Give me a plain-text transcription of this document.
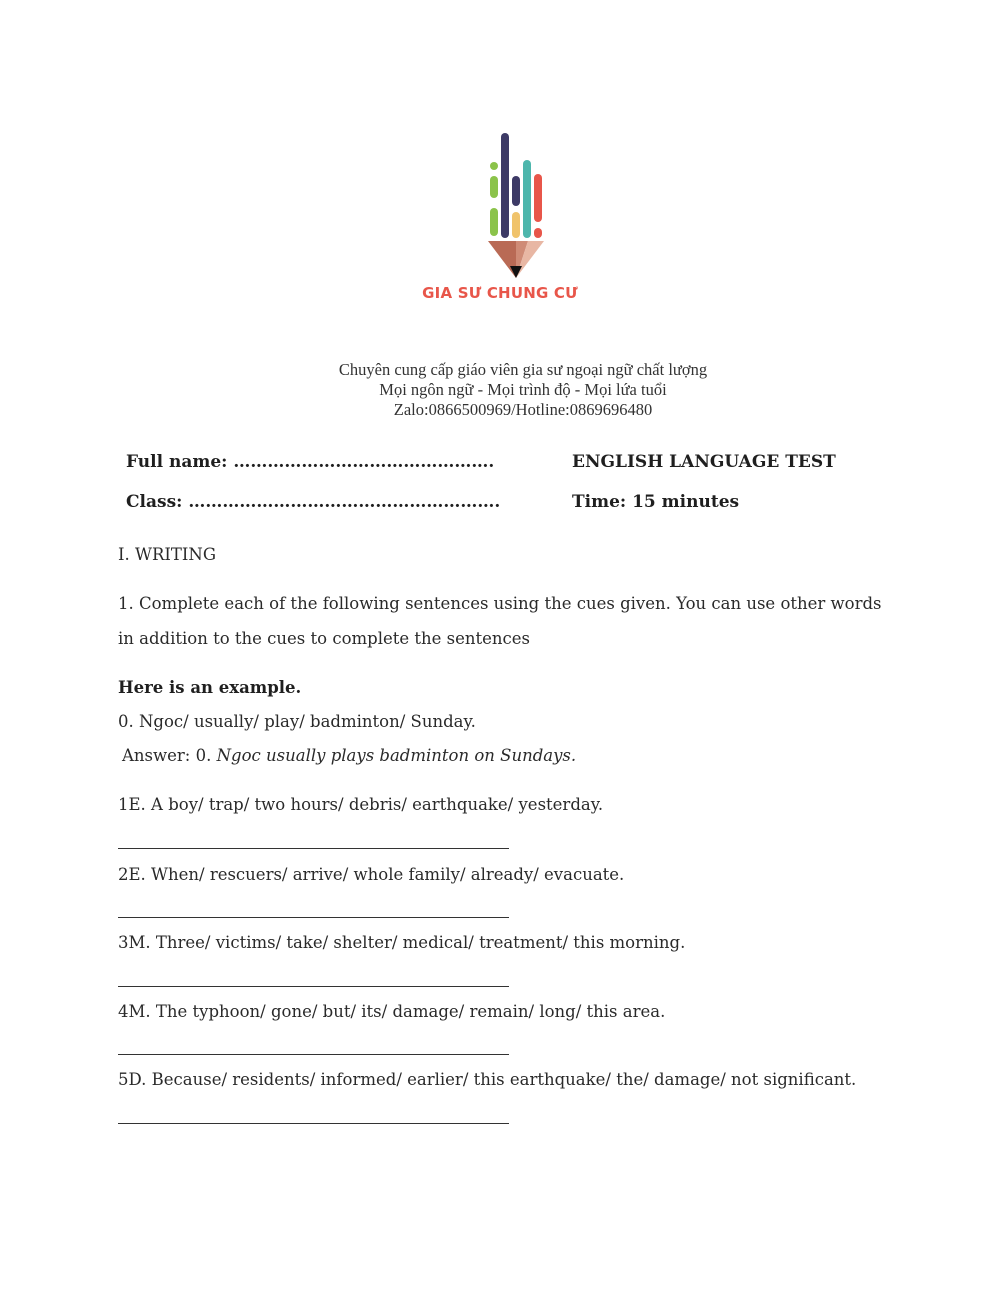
GIA SƯ CHUNG CƯ
Chuyên cung cấp giáo viên gia sư ngoại ngữ chất lượng
Mọi ngôn ngữ - Mọi trình độ - Mọi lứa tuổi
Zalo:0866500969/Hotline:0869696480
Full name: ……………………………………….
Class: ……………………………………………….
ENGLISH LANGUAGE TEST
Time: 15 minutes
I. WRITING
1. Complete each of the following sentences using the cues given. You can use other words
in addition to the cues to complete the sentences
Here is an example.
0. Ngoc/ usually/ play/ badminton/ Sunday.
Answer: 0. Ngoc usually plays badminton on Sundays.
1E. A boy/ trap/ two hours/ debris/ earthquake/ yesterday.
2E. When/ rescuers/ arrive/ whole family/ already/ evacuate.
3M. Three/ victims/ take/ shelter/ medical/ treatment/ this morning.
4M. The typhoon/ gone/ but/ its/ damage/ remain/ long/ this area.
5D. Because/ residents/ informed/ earlier/ this earthquake/ the/ damage/ not significant.
